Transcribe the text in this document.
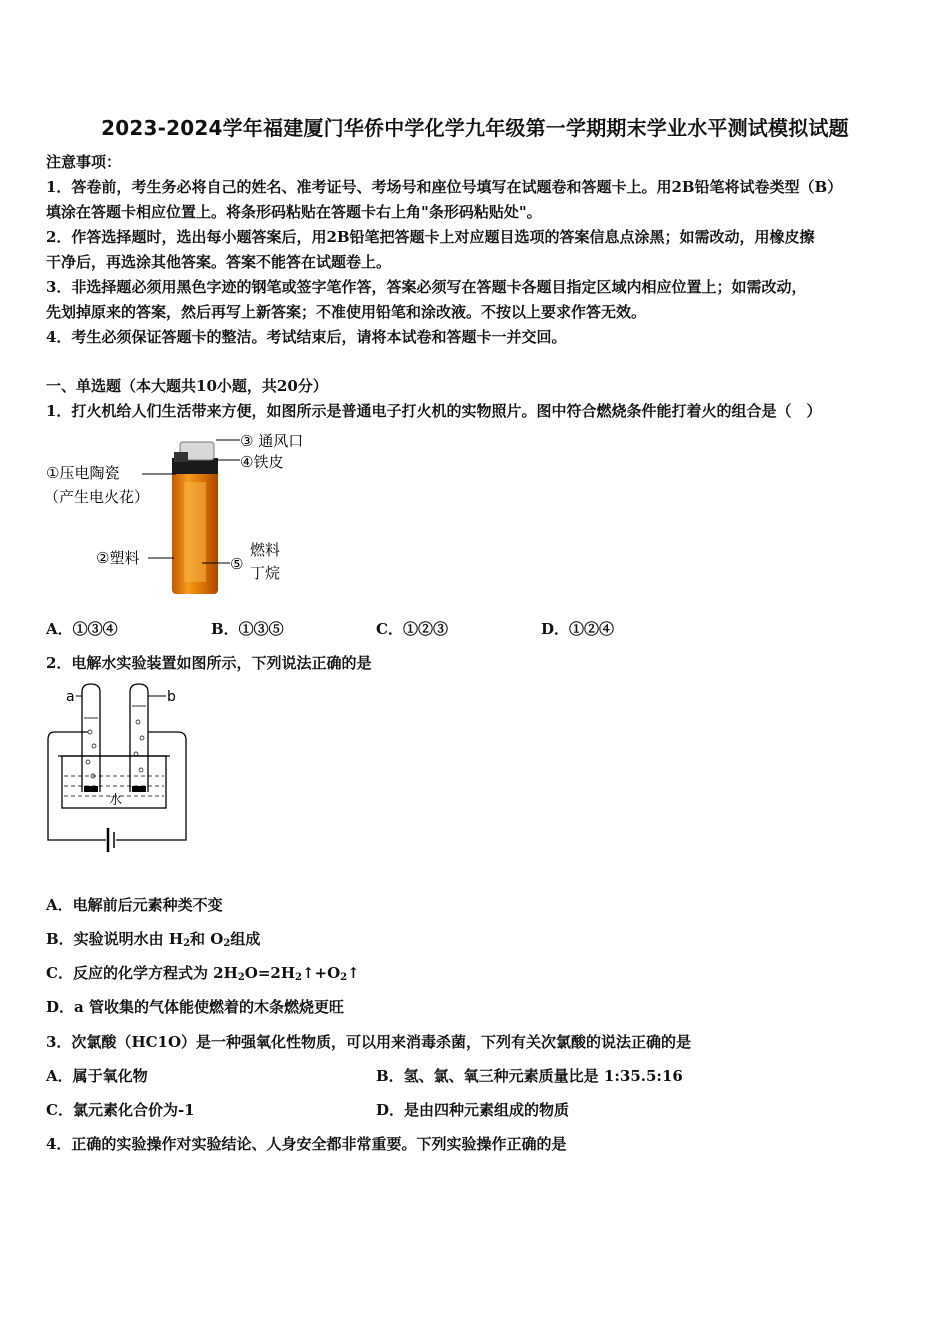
2023-2024学年福建厦门华侨中学化学九年级第一学期期末学业水平测试模拟试题
注意事项：
1．答卷前，考生务必将自己的姓名、准考证号、考场号和座位号填写在试题卷和答题卡上。用2B铅笔将试卷类型（B）
填涂在答题卡相应位置上。将条形码粘贴在答题卡右上角"条形码粘贴处"。
2．作答选择题时，选出每小题答案后，用2B铅笔把答题卡上对应题目选项的答案信息点涂黑；如需改动，用橡皮擦
干净后，再选涂其他答案。答案不能答在试题卷上。
3．非选择题必须用黑色字迹的钢笔或签字笔作答，答案必须写在答题卡各题目指定区域内相应位置上；如需改动，
先划掉原来的答案，然后再写上新答案；不准使用铅笔和涂改液。不按以上要求作答无效。
4．考生必须保证答题卡的整洁。考试结束后，请将本试卷和答题卡一并交回。
一、单选题（本大题共10小题，共20分）
1．打火机给人们生活带来方便，如图所示是普通电子打火机的实物照片。图中符合燃烧条件能打着火的组合是（　）
③ 通风口
④铁皮
①压电陶瓷
（产生电火花）
②塑料	⑤
燃料
丁烷
A．①③④	B．①③⑤	C．①②③	D．①②④
2．电解水实验装置如图所示，下列说法正确的是
a	b
水
A．电解前后元素种类不变
B．实验说明水由 $H_2$和 $O_2$组成
C．反应的化学方程式为 $2H_2O=2H_2↑+O_2↑$
D．a 管收集的气体能使燃着的木条燃烧更旺
3．次氯酸（HC1O）是一种强氧化性物质，可以用来消毒杀菌，下列有关次氯酸的说法正确的是
A．属于氧化物	B．氢、氯、氧三种元素质量比是 1:35.5:16
C．氯元素化合价为-1	D．是由四种元素组成的物质
4．正确的实验操作对实验结论、人身安全都非常重要。下列实验操作正确的是
